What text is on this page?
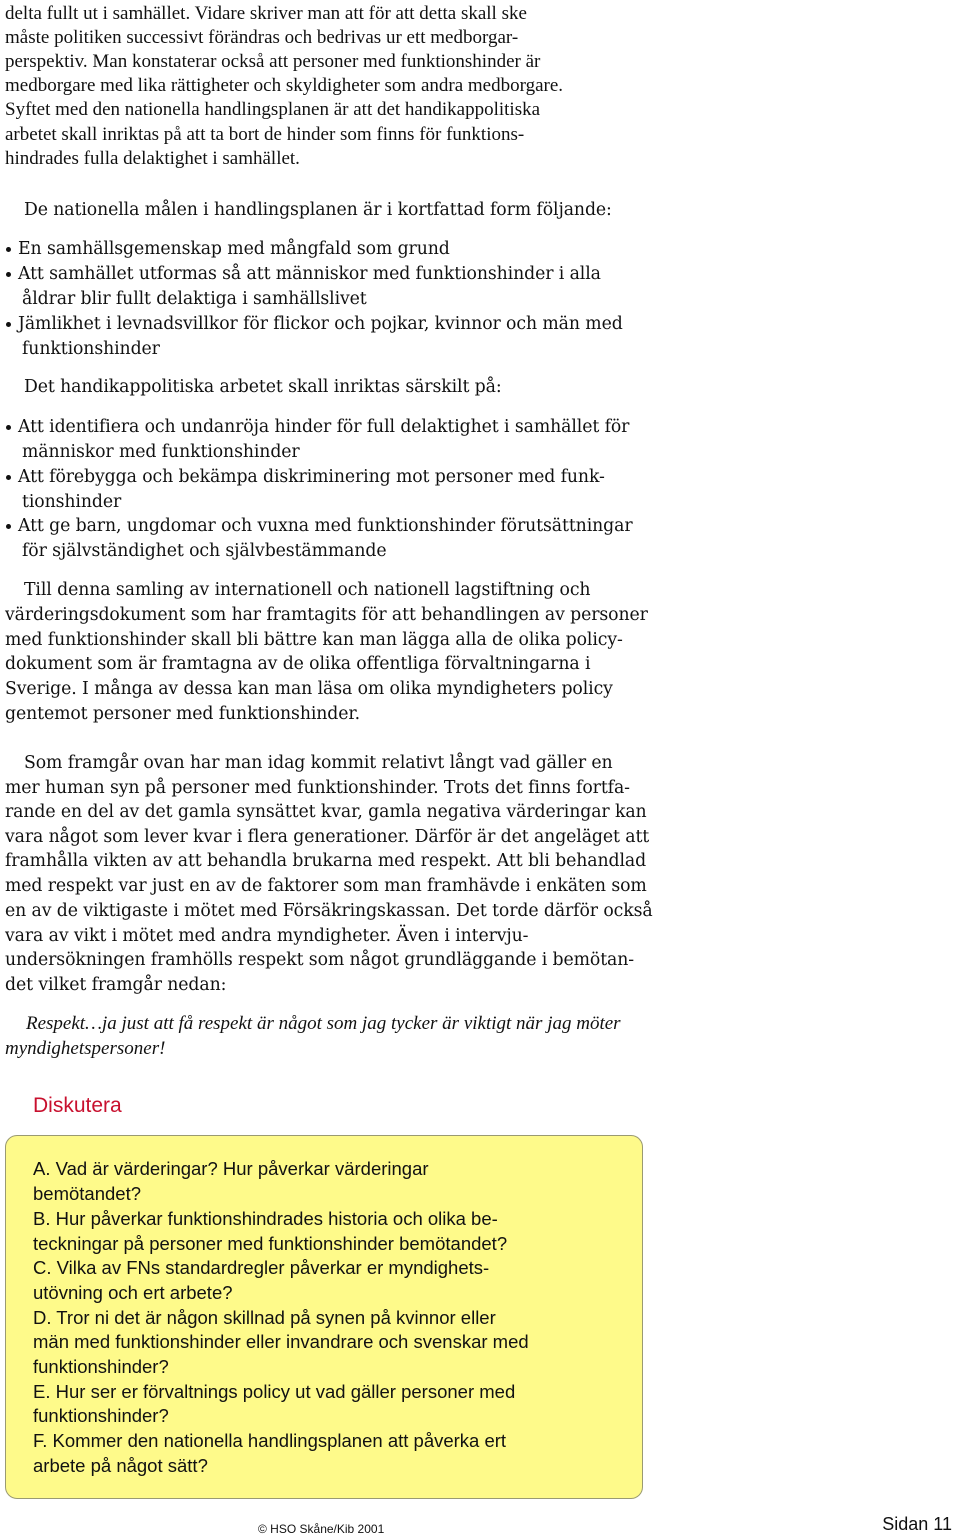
delta fullt ut i samhället. Vidare skriver man att för att detta skall ske
måste politiken successivt förändras och bedrivas ur ett medborgar-
perspektiv. Man konstaterar också att personer med funktionshinder är
medborgare med lika rättigheter och skyldigheter som andra medborgare.
Syftet med den nationella handlingsplanen är att det handikappolitiska
arbetet skall inriktas på att ta bort de hinder som finns för funktions-
hindrades fulla delaktighet i samhället.
De nationella målen i handlingsplanen är i kortfattad form följande:
En samhällsgemenskap med mångfald som grund
Att samhället utformas så att människor med funktionshinder i alla
åldrar blir fullt delaktiga i samhällslivet
Jämlikhet i levnadsvillkor för flickor och pojkar, kvinnor och män med
funktionshinder
Det handikappolitiska arbetet skall inriktas särskilt på:
Att identifiera och undanröja hinder för full delaktighet i samhället för
människor med funktionshinder
Att förebygga och bekämpa diskriminering mot personer med funk-
tionshinder
Att ge barn, ungdomar och vuxna med funktionshinder förutsättningar
för självständighet och självbestämmande
Till denna samling av internationell och nationell lagstiftning och
värderingsdokument som har framtagits för att behandlingen av personer
med funktionshinder skall bli bättre kan man lägga alla de olika policy-
dokument som är framtagna av de olika offentliga förvaltningarna i
Sverige. I många av dessa kan man läsa om olika myndigheters policy
gentemot personer med funktionshinder.
Som framgår ovan har man idag kommit relativt långt vad gäller en
mer human syn på personer med funktionshinder. Trots det finns fortfa-
rande en del av det gamla synsättet kvar, gamla negativa värderingar kan
vara något som lever kvar i flera generationer. Därför är det angeläget att
framhålla vikten av att behandla brukarna med respekt. Att bli behandlad
med respekt var just en av de faktorer som man framhävde i enkäten som
en av de viktigaste i mötet med Försäkringskassan. Det torde därför också
vara av vikt i mötet med andra myndigheter. Även i intervju-
undersökningen framhölls respekt som något grundläggande i bemötan-
det vilket framgår nedan:
Respekt…ja just att få respekt är något som jag tycker är viktigt när jag möter
myndighetspersoner!
Diskutera
A. Vad är värderingar? Hur påverkar värderingar
bemötandet?
B. Hur påverkar funktionshindrades historia och olika be-
teckningar på personer med funktionshinder bemötandet?
C. Vilka av FNs standardregler påverkar er myndighets-
utövning och ert arbete?
D. Tror ni det är någon skillnad på synen på kvinnor eller
män med funktionshinder eller invandrare och svenskar med
funktionshinder?
E. Hur ser er förvaltnings policy ut vad gäller personer med
funktionshinder?
F. Kommer den nationella handlingsplanen att påverka ert
arbete på något sätt?
© HSO Skåne/Kib 2001	Sidan 11
